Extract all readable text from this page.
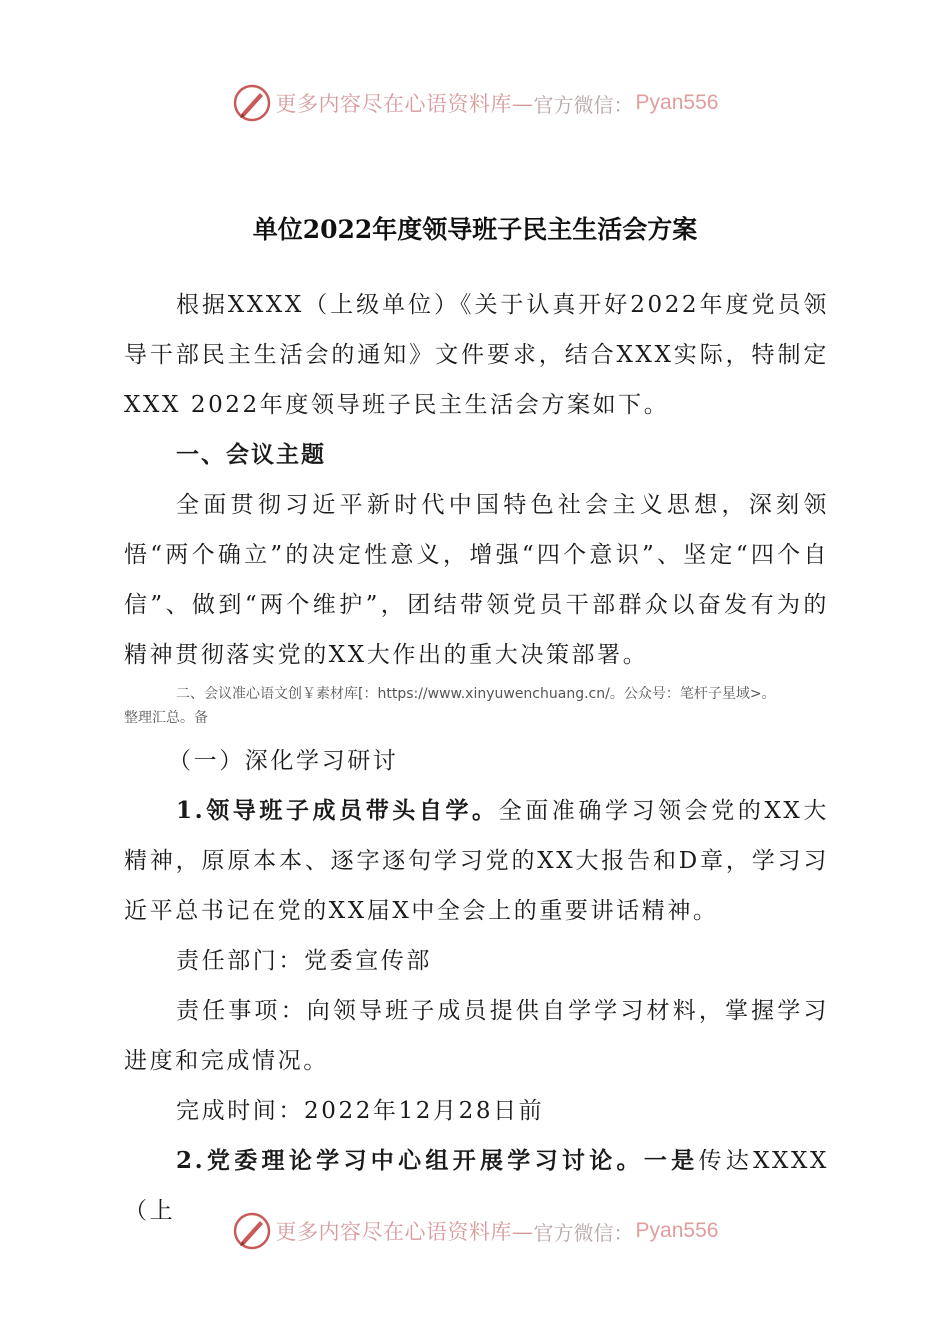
更多内容尽在心语资料库— 官方微信： Pyan556
单位2022年度领导班子民主生活会方案

根据XXXX（上级单位）《关于认真开好2022年度党员领导干部民主生活会的通知》文件要求，结合XXX实际，特制定XXX 2022年度领导班子民主生活会方案如下。

一、会议主题

全面贯彻习近平新时代中国特色社会主义思想，深刻领悟“两个确立”的决定性意义，增强“四个意识”、坚定“四个自信”、做到“两个维护”，团结带领党员干部群众以奋发有为的精神贯彻落实党的XX大作出的重大决策部署。

二、会议准心语文创￥素材库[：https://www.xinyuwenchuang.cn/。公众号：笔杆子星域>。
整理汇总。备

（一）深化学习研讨

1.领导班子成员带头自学。全面准确学习领会党的XX大精神，原原本本、逐字逐句学习党的XX大报告和D章，学习习近平总书记在党的XX届X中全会上的重要讲话精神。

责任部门：党委宣传部

责任事项：向领导班子成员提供自学学习材料，掌握学习进度和完成情况。

完成时间：2022年12月28日前

2.党委理论学习中心组开展学习讨论。一是传达XXXX（上

更多内容尽在心语资料库— 官方微信： Pyan556
